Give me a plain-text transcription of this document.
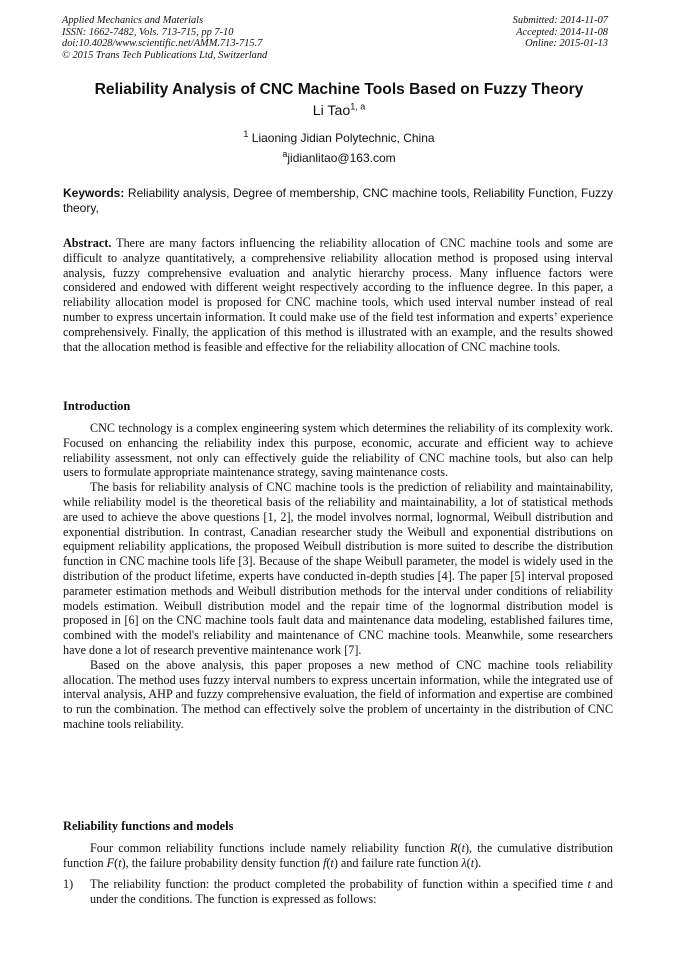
Applied Mechanics and Materials
ISSN: 1662-7482, Vols. 713-715, pp 7-10
doi:10.4028/www.scientific.net/AMM.713-715.7
© 2015 Trans Tech Publications Ltd, Switzerland
Submitted: 2014-11-07
Accepted: 2014-11-08
Online: 2015-01-13
Reliability Analysis of CNC Machine Tools Based on Fuzzy Theory
Li Tao$^{1, a}$
$^1$ Liaoning Jidian Polytechnic, China
$^a$jidianlitao@163.com
Keywords: Reliability analysis, Degree of membership, CNC machine tools, Reliability Function, Fuzzy theory,
Abstract. There are many factors influencing the reliability allocation of CNC machine tools and some are difficult to analyze quantitatively, a comprehensive reliability allocation method is proposed using interval analysis, fuzzy comprehensive evaluation and analytic hierarchy process. Many influence factors were considered and endowed with different weight respectively according to the influence degree. In this paper, a reliability allocation model is proposed for CNC machine tools, which used interval number instead of real number to express uncertain information. It could make use of the field test information and experts’ experience comprehensively. Finally, the application of this method is illustrated with an example, and the results showed that the allocation method is feasible and effective for the reliability allocation of CNC machine tools.
Introduction

CNC technology is a complex engineering system which determines the reliability of its complexity work. Focused on enhancing the reliability index this purpose, economic, accurate and efficient way to achieve reliability assessment, not only can effectively guide the reliability of CNC machine tools, but also can help users to formulate appropriate maintenance strategy, saving maintenance costs.

The basis for reliability analysis of CNC machine tools is the prediction of reliability and maintainability, while reliability model is the theoretical basis of the reliability and maintainability, a lot of statistical methods are used to achieve the above questions [1, 2], the model involves normal, lognormal, Weibull distribution and exponential distribution. In contrast, Canadian researcher study the Weibull and exponential distributions on equipment reliability applications, the proposed Weibull distribution is more suited to describe the distribution function in CNC machine tools life [3]. Because of the shape Weibull parameter, the model is widely used in the distribution of the product lifetime, experts have conducted in-depth studies [4]. The paper [5] interval proposed parameter estimation methods and Weibull distribution methods for the interval under conditions of reliability models estimation. Weibull distribution model and the repair time of the lognormal distribution model is proposed in [6] on the CNC machine tools fault data and maintenance data modeling, established failures time, combined with the model's reliability and maintenance of CNC machine tools. Meanwhile, some researchers have done a lot of research preventive maintenance work [7].

Based on the above analysis, this paper proposes a new method of CNC machine tools reliability allocation. The method uses fuzzy interval numbers to express uncertain information, while the integrated use of interval analysis, AHP and fuzzy comprehensive evaluation, the field of information and expertise are combined to run the combination. The method can effectively solve the problem of uncertainty in the distribution of CNC machine tools reliability.

Reliability functions and models

Four common reliability functions include namely reliability function R(t), the cumulative distribution function F(t), the failure probability density function f(t) and failure rate function λ(t).

1) The reliability function: the product completed the probability of function within a specified time t and under the conditions. The function is expressed as follows:
